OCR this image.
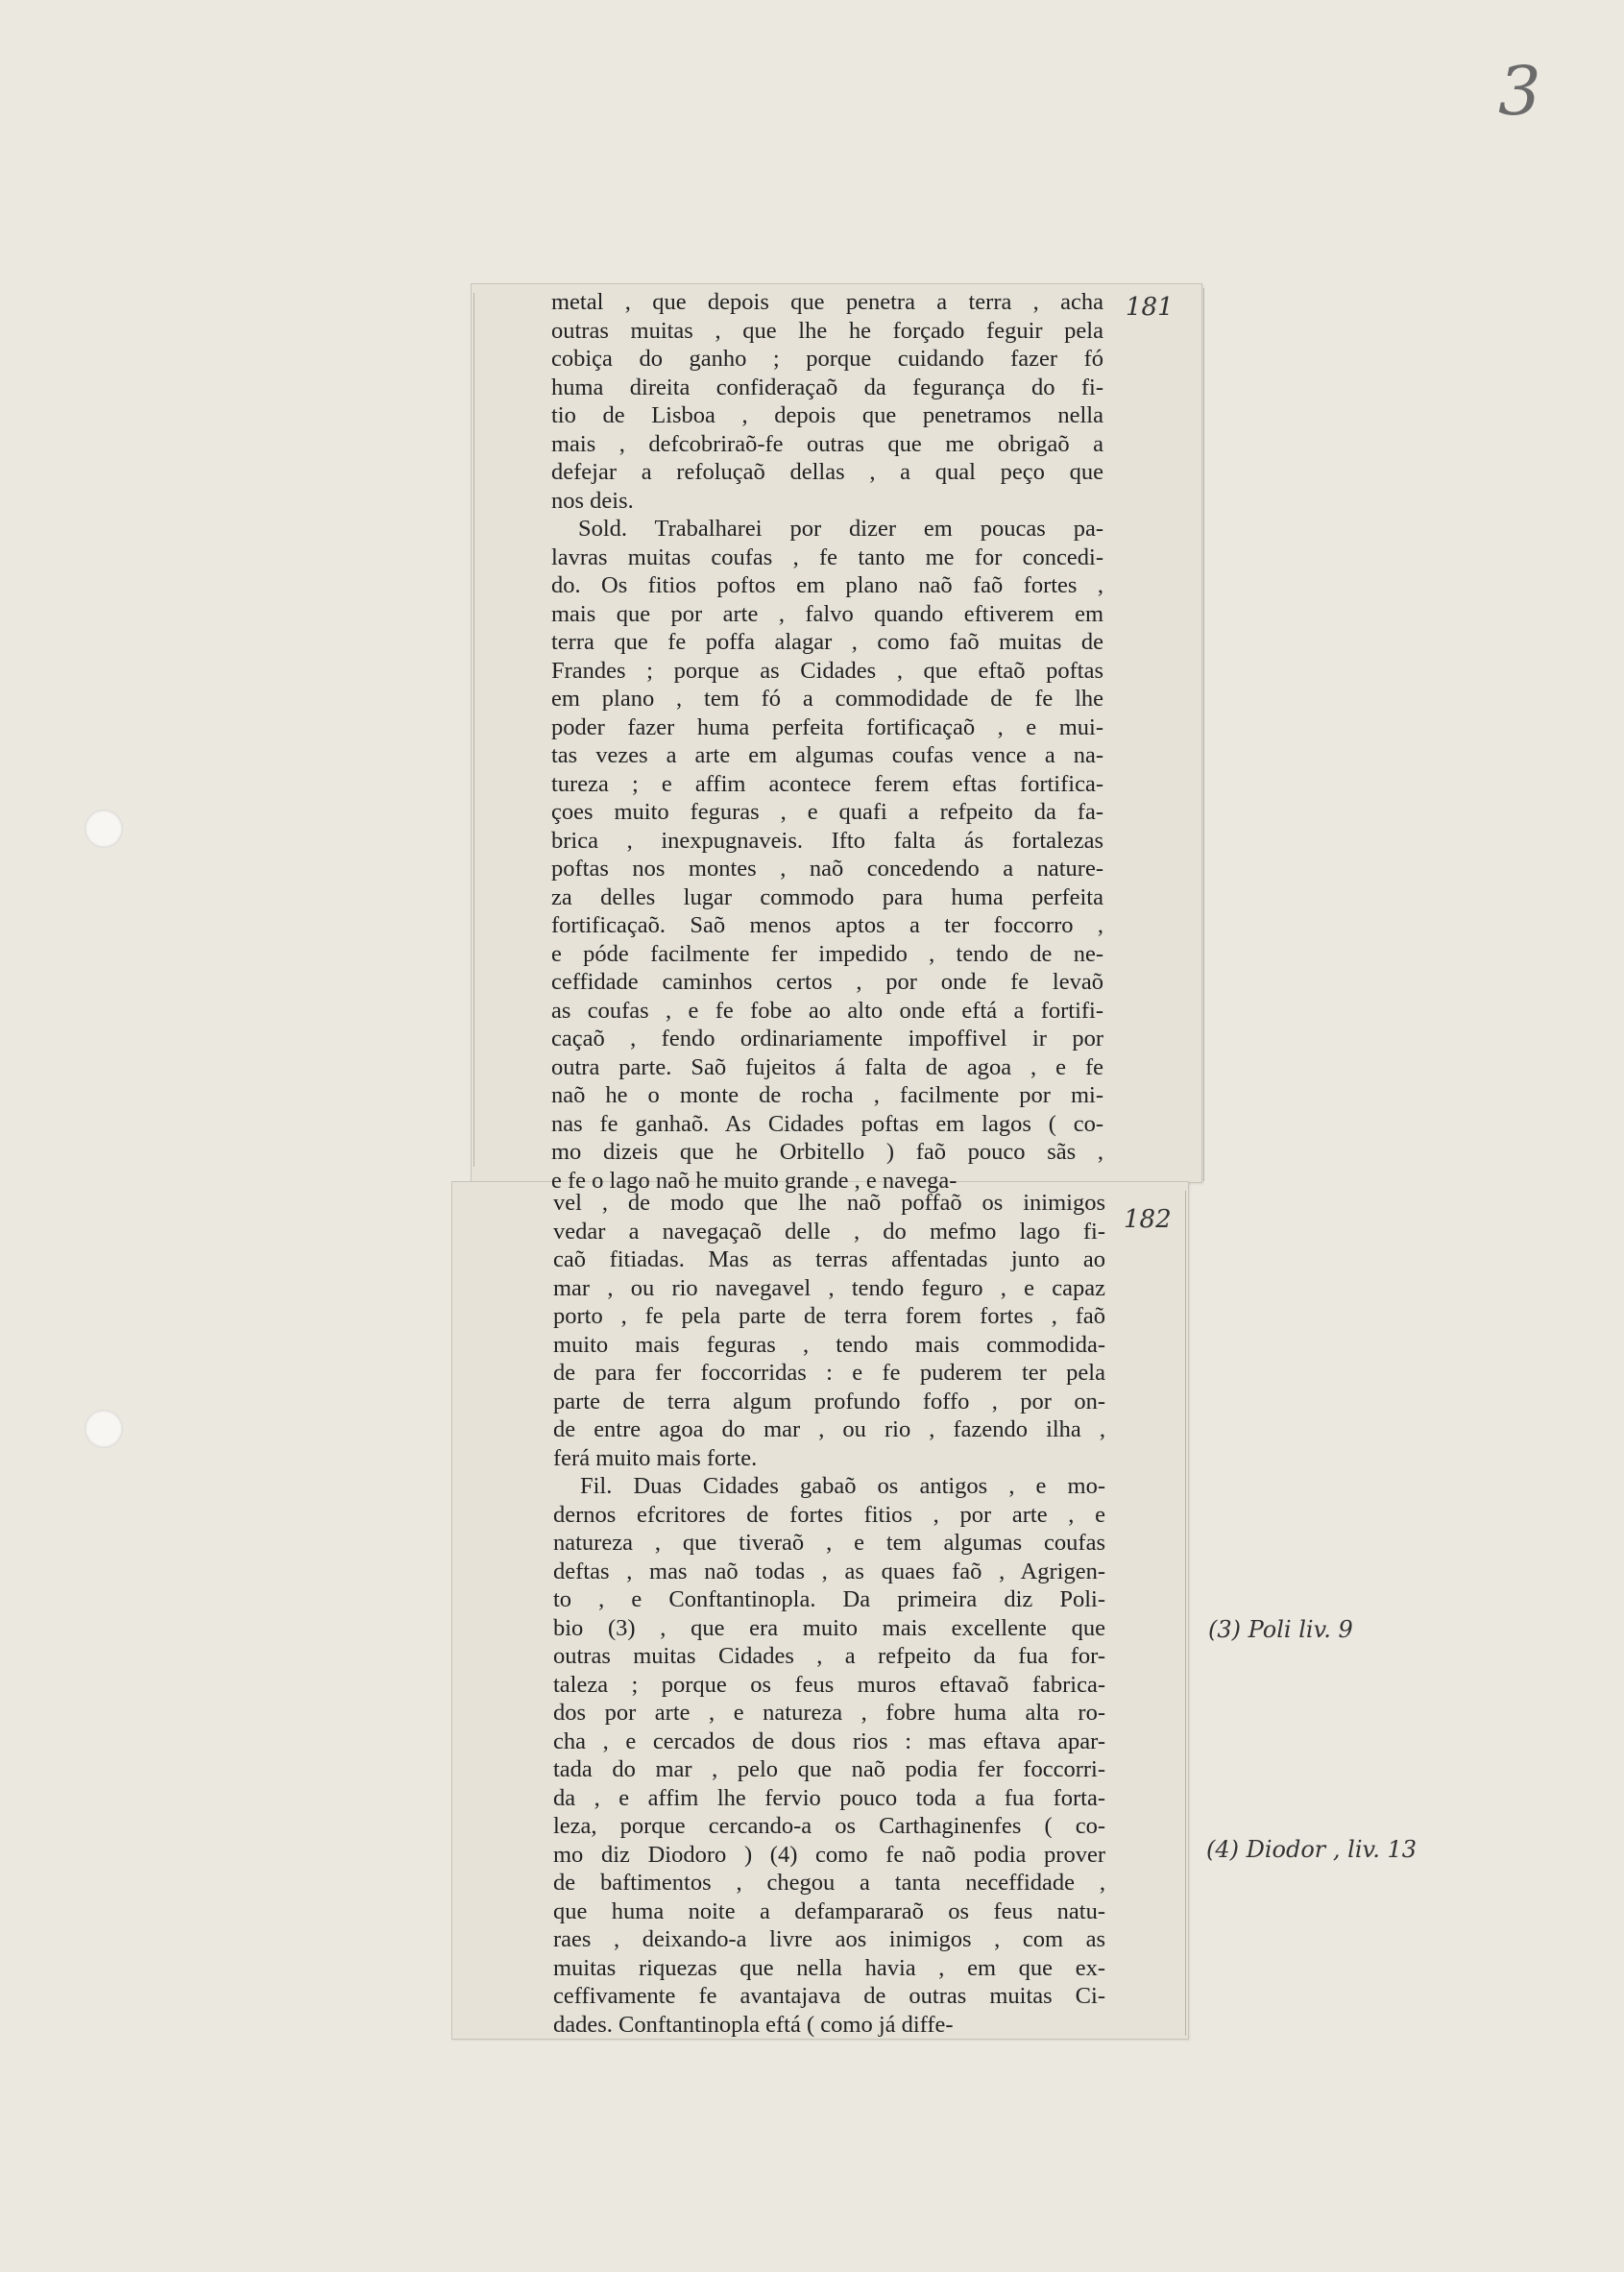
3
metal , que depois que penetra a terra , acha
outras muitas , que lhe he forçado feguir pela
cobiça do ganho ; porque cuidando fazer fó
huma direita confideraçaõ da fegurança do fi-
tio de Lisboa , depois que penetramos nella
mais , defcobriraõ-fe outras que me obrigaõ a
defejar a refoluçaõ dellas , a qual peço que
nos deis.
Sold. Trabalharei por dizer em poucas pa-
lavras muitas coufas , fe tanto me for concedi-
do. Os fitios poftos em plano naõ faõ fortes ,
mais que por arte , falvo quando eftiverem em
terra que fe poffa alagar , como faõ muitas de
Frandes ; porque as Cidades , que eftaõ poftas
em plano , tem fó a commodidade de fe lhe
poder fazer huma perfeita fortificaçaõ , e mui-
tas vezes a arte em algumas coufas vence a na-
tureza ; e affim acontece ferem eftas fortifica-
çoes muito feguras , e quafi a refpeito da fa-
brica , inexpugnaveis. Ifto falta ás fortalezas
poftas nos montes , naõ concedendo a nature-
za delles lugar commodo para huma perfeita
fortificaçaõ. Saõ menos aptos a ter foccorro ,
e póde facilmente fer impedido , tendo de ne-
ceffidade caminhos certos , por onde fe levaõ
as coufas , e fe fobe ao alto onde eftá a fortifi-
caçaõ , fendo ordinariamente impoffivel ir por
outra parte. Saõ fujeitos á falta de agoa , e fe
naõ he o monte de rocha , facilmente por mi-
nas fe ganhaõ. As Cidades poftas em lagos ( co-
mo dizeis que he Orbitello ) faõ pouco sãs ,
e fe o lago naõ he muito grande , e navega-
vel , de modo que lhe naõ poffaõ os inimigos
vedar a navegaçaõ delle , do mefmo lago fi-
caõ fitiadas. Mas as terras affentadas junto ao
mar , ou rio navegavel , tendo feguro , e capaz
porto , fe pela parte de terra forem fortes , faõ
muito mais feguras , tendo mais commodida-
de para fer foccorridas : e fe puderem ter pela
parte de terra algum profundo foffo , por on-
de entre agoa do mar , ou rio , fazendo ilha ,
ferá muito mais forte.
Fil. Duas Cidades gabaõ os antigos , e mo-
dernos efcritores de fortes fitios , por arte , e
natureza , que tiveraõ , e tem algumas coufas
deftas , mas naõ todas , as quaes faõ , Agrigen-
to , e Conftantinopla. Da primeira diz Poli-
bio (3) , que era muito mais excellente que
outras muitas Cidades , a refpeito da fua for-
taleza ; porque os feus muros eftavaõ fabrica-
dos por arte , e natureza , fobre huma alta ro-
cha , e cercados de dous rios : mas eftava apar-
tada do mar , pelo que naõ podia fer foccorri-
da , e affim lhe fervio pouco toda a fua forta-
leza, porque cercando-a os Carthaginenfes ( co-
mo diz Diodoro ) (4) como fe naõ podia prover
de baftimentos , chegou a tanta neceffidade ,
que huma noite a defampararaõ os feus natu-
raes , deixando-a livre aos inimigos , com as
muitas riquezas que nella havia , em que ex-
ceffivamente fe avantajava de outras muitas Ci-
dades. Conftantinopla eftá ( como já diffe-
181
182
(3) Poli liv. 9
(4) Diodor , liv. 13
